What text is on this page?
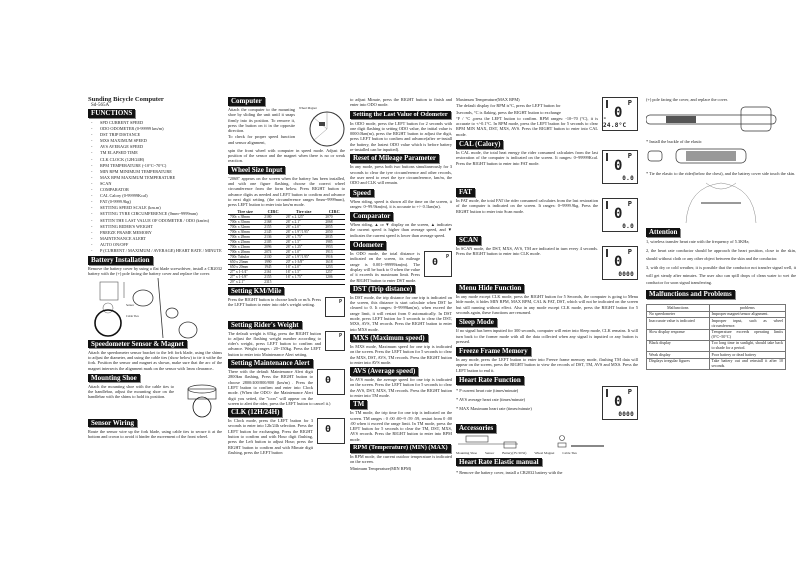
Sunding Bicycle Computer
Sd-565A
FUNCTIONS
- SPD CURRENT SPEED
- ODO ODOMETER (0-99999 km/m)
- DST TRIP DISTANCE
- MXS MAXIMUM SPEED
- AVS AVERAGE SPEED
- TM ELAPSED TIME
- CLK CLOCK (12H/24H)
- RPM TEMPERATURE (-10°C~70°C)
- MIN RPM MINIMUM TEMPERATURE
- MAX RPM MAXIMUM TEMPERATURE
- SCAN
- COMPARATOR
- CAL Calory (0-99999Kcal)
- FAT (0-9999.9kg)
- SETTING SPEED SCALE (km.m)
- SETTING TYRE CIRCUMFERENCE (0mm~9999mm)
- SETTIN THE LAST VALUE OF ODOMETER / ODO (km/m)
- SETTING RIDER'S WEIGHT
- FREEZE FRAME MEMORY
- MAINTENANCE ALERT
- AUTO ON/OFF
- P (CURRENT / MAXIMUM / AVERAGE) HEART RATE / MINUTE
Battery Installation

Remove the battery cover by using a flat blade screwdriver, install a CR2032 battery with the (+) pole facing the battery cover and replace the cover.

Sensor
Cable Ties
Speedometer Sensor & Magnet

Attach the speedometer sensor bracket to the left fork blade, using the shims to adjust the diameter, and using the cable ties (show below) to tie it withe the fork. Position the sensor and magnet as shown, make sure that the arc of the magnet intersects the alignment mark on the sensor with 1mm clearance..

Mounting Shoe

Attach the mounting shoe with the cable ties to the handlebar, adjust the mounting shoe on the handlebar with the shims to hold its position.

Sensor Wiring

Route the sensor wire up the fork blade, using cable ties to secure it at the bottom and crown to avoid it hinder the movement of the front wheel.

Computer
Wheel Magnet

Attach the computer to the mounting shoe by sliding the unit until it snaps firmly into its position. To remove it, press the button on it in the opposite direction.

To check for proper speed function and sensor alignment,

spin the front wheel with computer in speed mode. Adjust the position of the sensor and the magnet when there is no or weak reaction.

Wheel Size Input

"2068" appears on the screen when the battery has been installed, and with one figure flashing, choose the correct wheel circumference from the form below. Press RIGHT button to advance digits as needed and LEFT button to confirm and advance to next digit setting. (the circumference ranges 0mm~9999mm), press LEFT button to enter into km/m mode.

Tire size	CIRC	Tire size	CIRC
700c x 38mm	2180	26" x 2.125"	2070
700c x 35mm	2168	26" x 2.1"	2068
700c x 32mm	2155	26" x 2.0"	2055
700c x 30mm	2145	26" x 1.9"/1.95"	2050
700c x 28mm	2136	26" x 1.75"	2035
700c x 25mm	2105	26" x 1.5"	1985
700c x 23mm	2096	26" x 1.25"	1953
700c x 20mm	2074	26" x 1.0"	1913
700c Tubular	2130	24" x 1.9"/1.95"	1916
650 x 23mm	1990	20" x 1-3/8"	1618
650 x 20mm	1945	16" x 2.0"	1253
27" x 1-1/4"	2161	16" x 1.5"	1257
27" x 1-1/8"	2155	16" x 1.75"	1206
29" x 2.1"	2315		
Setting KM/Mile
P

Press the RIGHT button to choose km/h or m/h. Press the LEFT button to enter into ride's weight setting.

Setting Rider's Weight
P

The default weight is 65kg, press the RIGHT button to adjust the flashing weight number according to rider's weight, press LEFT button to confirm and advance. Weight ranges : 20~150kg. Press the LEFT button to enter into Maintenance Alert setting.

Setting Maintenance Alert
0

There with the default Maintenance Alert digit 2800km flashing, Press the RIGHT button to choose 2800/400/800/800 (km/m) . Press the LEFT button to confirm and enter into Clock mode. (When the ODO> the Maintenance Alert digit you setted, the "icon" will appear on the screen to alert the rider, press the LEFT button to cancel it.)

CLK (12H/24H)
0

In Clock mode, press the LEFT button for 3 seconds to enter into 12h/24h selection. Press the LEFT button for exchanging. Press the RIGHT button to confirm and with Hour digit flashing, press the Left button to adjust Hour; press the RIGHT button to confirm and with Minute digit flashing, press the LEFT button

to adjust Minute, press the RIGHT button to finish and enter into ODO mode.

Setting the Last Value of Odometer

In ODO mode, press the LEFT button for 2 seconds with one digit flashing to setting ODO value, the initial value is 0000.0km(m), press the RIGHT button to adjust the digit, press LEFT button to confirm and advance(after re-install the battery, the lastest ODO value which is before battery re-installed can be inputted).

Reset of Mileage Parameter

In any mode, press both two buttons simultaneously for 3 seconds to clear the tyre circumference and other records, the user need to reset the tyre circumference, km/m, the ODO and CLK will remain.

Speed

When riding, speed is shown all the time on the screen, it ranges: 0~99.9km(m), it is accurate to +/- 0.1km(m).

Comparator

When riding, ▲ or ▼ display on the screen, ▲ indicates the current speed is higher than average speed, and ▼ indicates the current speed is lower than average speed.

Odometer
P
0

In ODO mode, the total distance is indicated on the screen, its mileage range is 0.001~99999km(m). The display will be back to 0 when the value of it exceeds its maximum limit. Press the RIGHT button to enter DST mode.

DST (Trip distance)

In DST mode, the trip distance for one trip is indicated on the screen, this distance is start calculate when DST be cleared to 0. It ranges: 0~9999km(m), when exceed the range limit, it will restart from 0 automatically. In DST mode, press LEFT button for 5 seconds to clear the DST, MXS, AVS, TM records. Press the RIGHT button to enter into MXS mode.

MXS (Maximum speed)

In MXS mode, Maximum speed for one trip is indicated on the screen. Press the LEFT button for 5 seconds to clear the MXS, DST, AVS, TM records. Press the RIGHT button to enter into AVS mode.

AVS (Average speed)

In AVS mode, the average speed for one trip is indicated on the screen. Press the LEFT button for 5 seconds to clear the AVS, DST, MXS, TM records. Press the RIGHT button to enter into TM mode.

TM

In TM mode, the trip time for one trip is indicated on the screen. TM ranges : 0 :00 :00~9 :59 :59, restart from 0 :00 :00 when it exceed the range limit. In TM mode, press the LEFT button for 5 seconds to clear the TM, DST, MXS, AVS records. Press the RIGHT button to enter into RPM mode.

RPM (Temperature) (MIN) (MAX)

In RPM mode, the current outdoor temperature is indicated on the screen.

Minimum Temperature(MIN RPM)

P
0
- 24.8°C

Maximum Temperature(MAX RPM)

The default display for RPM is°C, press the LEFT button for

3seconds, °C is flaking, press the RIGHT button to exchange

°F / °C ,press the LEFT button to confirm. RPM ranges: -10~70 (°C), it is accurate to +/-0.1°C. In RPM mode, press the LEFT button for 5 seconds to clear RPM MIN MAX, DST, MXS, AVS. Press the RIGHT button to enter into CAL mode.

CAL (Calory)
P
0
0.0

In CAL mode, the total heat energy the rider consumed calculates from the last restoration of the computer is indicated on the screen. It ranges: 0~99999Kcal. Press the RIGHT button to enter into FAT mode.

FAT
P
0
0.0

In FAT mode, the total FAT the rider consumed calculates from the last restoration of the computer is indicated on the screen. It ranges: 0~9999.9kg. Press the RIGHT button to enter into Scan mode.

SCAN
P
0
0000

In SCAN mode, the DST, MXS, AVS, TM are indicated in turn every 4 seconds. Press the RIGHT button to enter into CLK mode.

Menu Hide Function

In any mode except CLK mode, press the RIGHT button for 5 Seconds, the computer is going to Menu hide mode, it hides MIN RPM, MAX RPM, CAL & FAT, DST, which will not be indicated on the screen but still running without effect. Also in any mode except CLK mode, press the RIGHT button for 5 seconds again, these functions are resumed.

Sleep Mode

If no signal has been inputted for 300 seconds, computer will enter into Sleep mode, CLK remains. It will turn back to the former mode with all the data collected when any signal is inputted or any button is pressed.

Freeze Frame Memory

In any mode, press the LEFT button to enter into Freeze frame memory mode, flashing TM data will appear on the screen, press the RIGHT button to view the records of DST, TM, AVS and MXS. Press the LEFT button to end it.

Heart Rate Function
P
0
0000
* P current heart rate (times/minute)
* AVS average heart rate (times/minute)
* MAX Maximum heart rate (times/minute)
Accessories
Mounting Shoe Sensor Battery(3V/2032) Wheel Magnet Cable Ties
Heart Rate Elastic manual

* Remove the battery cover, install a CR2032 battery with the

(+) pole facing the cover, and replace the cover.

* Install the buckle of the elastic

* Tie the elastic to the rider(below the chest), and the battery cover side touch the skin.

Attention
1, wireless transfer heart rate with the frequency of 5.3KHz;
2, the heart rate conductor should be approach the heart position, close to the skin, should without cloth or any other object between the skin and the conductor.
3, with dry or cold weather, it is possible that the conductor not transfer signal well, it will get steady after minutes. The user also can spill drops of clean water to wet the conductor for soon signal transferring.
Malfunctions and Problems
Malfunctions	problems
No speedometer	Improper magnet/sensor alignment.
Inaccurate value is indicated	Improper input, such as wheel circumference.
Slow display response	Temperature exceeds operating limits (0°C~50°C)
Black display	Too long time in sunlight, should take back to shade for a period.
Weak display	Poor battery or dead battery
Displays irregular figures	Take battery out and reinstall it after 10 seconds.
